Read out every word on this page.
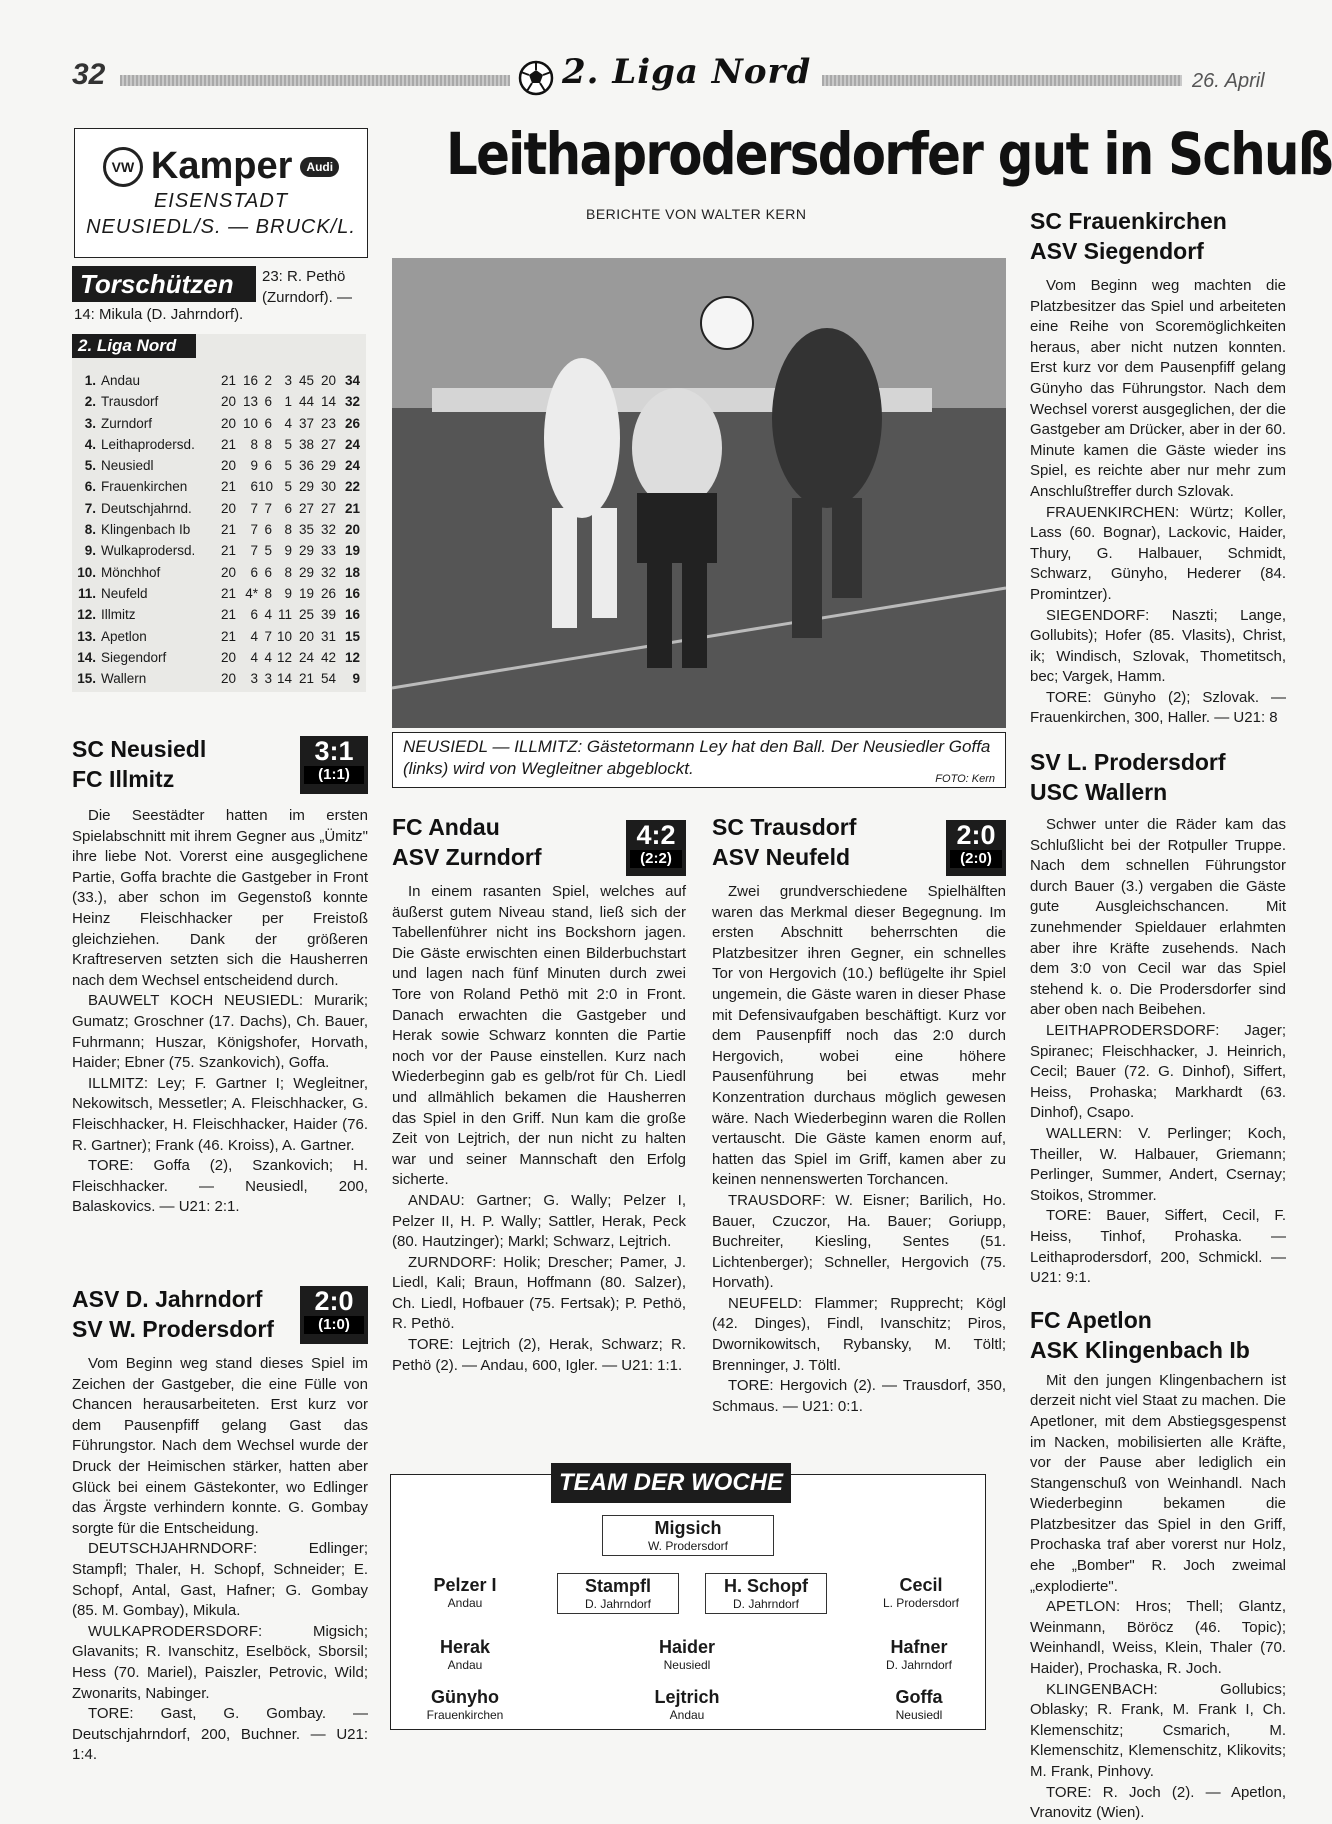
32	2. Liga Nord	26. April
VW Kamper	Audi
EISENSTADT
NEUSIEDL/S. — BRUCK/L.
Torschützen	23: R. Pethö (Zurndorf). —
14: Mikula (D. Jahrndorf).
2. Liga Nord
1. Andau	21 16 2 3 45 20 34
2. Trausdorf	20 13 6 1 44 14 32
3. Zurndorf	20 10 6 4 37 23 26
4. Leithaprodersd.	21	8 8 5 38 27 24
5. Neusiedl	20	9 6 5 36 29 24
6. Frauenkirchen	21	6 10 5 29 30 22
7. Deutschjahrnd.	20	7 7 6 27 27 21
8. Klingenbach Ib	21	7 6 8 35 32 20
9. Wulkaprodersd.	21	7 5 9 29 33 19
10. Mönchhof	20	6 6 8 29 32 18
11. Neufeld	21 4* 8 9 19 26 16
12. Illmitz	21	6 4 11 25 39 16
13. Apetlon	21	4 7 10 20 31 15
14. Siegendorf	20	4 4 12 24 42 12
15. Wallern	20	3 3 14 21 54	9
Leithaprodersdorfer gut in Schuß
BERICHTE VON WALTER KERN
NEUSIEDL — ILLMITZ: Gästetormann Ley hat den Ball. Der Neusiedler Goffa (links) wird von Wegleitner abgeblockt.
FOTO: Kern
SC Neusiedl
FC Illmitz
3:1
(1:1)

Die Seestädter hatten im ersten Spielabschnitt mit ihrem Gegner aus „Ümitz" ihre liebe Not. Vorerst eine ausgeglichene Partie, Goffa brachte die Gastgeber in Front (33.), aber schon im Gegenstoß konnte Heinz Fleischhacker per Freistoß gleichziehen. Dank der größeren Kraftreserven setzten sich die Hausherren nach dem Wechsel entscheidend durch.

BAUWELT KOCH NEUSIEDL: Murarik; Gumatz; Groschner (17. Dachs), Ch. Bauer, Fuhrmann; Huszar, Königshofer, Horvath, Haider; Ebner (75. Szankovich), Goffa.

ILLMITZ: Ley; F. Gartner I; Wegleitner, Nekowitsch, Messetler; A. Fleischhacker, G. Fleischhacker, H. Fleischhacker, Haider (76. R. Gartner); Frank (46. Kroiss), A. Gartner.

TORE: Goffa (2), Szankovich; H. Fleischhacker. — Neusiedl, 200, Balaskovics. — U21: 2:1.

ASV D. Jahrndorf
SV W. Prodersdorf
2:0
(1:0)

Vom Beginn weg stand dieses Spiel im Zeichen der Gastgeber, die eine Fülle von Chancen herausarbeiteten. Erst kurz vor dem Pausenpfiff gelang Gast das Führungstor. Nach dem Wechsel wurde der Druck der Heimischen stärker, hatten aber Glück bei einem Gästekonter, wo Edlinger das Ärgste verhindern konnte. G. Gombay sorgte für die Entscheidung.

DEUTSCHJAHRNDORF: Edlinger; Stampfl; Thaler, H. Schopf, Schneider; E. Schopf, Antal, Gast, Hafner; G. Gombay (85. M. Gombay), Mikula.

WULKAPRODERSDORF: Migsich; Glavanits; R. Ivanschitz, Eselböck, Sborsil; Hess (70. Mariel), Paiszler, Petrovic, Wild; Zwonarits, Nabinger.

TORE: Gast, G. Gombay. — Deutschjahrndorf, 200, Buchner. — U21: 1:4.

FC Andau
ASV Zurndorf
4:2
(2:2)

In einem rasanten Spiel, welches auf äußerst gutem Niveau stand, ließ sich der Tabellenführer nicht ins Bockshorn jagen. Die Gäste erwischten einen Bilderbuchstart und lagen nach fünf Minuten durch zwei Tore von Roland Pethö mit 2:0 in Front. Danach erwachten die Gastgeber und Herak sowie Schwarz konnten die Partie noch vor der Pause einstellen. Kurz nach Wiederbeginn gab es gelb/rot für Ch. Liedl und allmählich bekamen die Hausherren das Spiel in den Griff. Nun kam die große Zeit von Lejtrich, der nun nicht zu halten war und seiner Mannschaft den Erfolg sicherte.

ANDAU: Gartner; G. Wally; Pelzer I, Pelzer II, H. P. Wally; Sattler, Herak, Peck (80. Hautzinger); Markl; Schwarz, Lejtrich.

ZURNDORF: Holik; Drescher; Pamer, J. Liedl, Kali; Braun, Hoffmann (80. Salzer), Ch. Liedl, Hofbauer (75. Fertsak); P. Pethö, R. Pethö.

TORE: Lejtrich (2), Herak, Schwarz; R. Pethö (2). — Andau, 600, Igler. — U21: 1:1.

SC Trausdorf
ASV Neufeld
2:0
(2:0)

Zwei grundverschiedene Spielhälften waren das Merkmal dieser Begegnung. Im ersten Abschnitt beherrschten die Platzbesitzer ihren Gegner, ein schnelles Tor von Hergovich (10.) beflügelte ihr Spiel ungemein, die Gäste waren in dieser Phase mit Defensivaufgaben beschäftigt. Kurz vor dem Pausenpfiff noch das 2:0 durch Hergovich, wobei eine höhere Pausenführung bei etwas mehr Konzentration durchaus möglich gewesen wäre. Nach Wiederbeginn waren die Rollen vertauscht. Die Gäste kamen enorm auf, hatten das Spiel im Griff, kamen aber zu keinen nennenswerten Torchancen.

TRAUSDORF: W. Eisner; Barilich, Ho. Bauer, Czuczor, Ha. Bauer; Goriupp, Buchreiter, Kiesling, Sentes (51. Lichtenberger); Schneller, Hergovich (75. Horvath).

NEUFELD: Flammer; Rupprecht; Kögl (42. Dinges), Findl, Ivanschitz; Piros, Dwornikowitsch, Rybansky, M. Töltl; Brenninger, J. Töltl.

TORE: Hergovich (2). — Trausdorf, 350, Schmaus. — U21: 0:1.

TEAM DER WOCHE
Migsich
W. Prodersdorf
Pelzer I
Andau
Stampfl
D. Jahrndorf
H. Schopf
D. Jahrndorf
Cecil
L. Prodersdorf
Herak
Andau
Haider
Neusiedl
Hafner
D. Jahrndorf
Günyho
Frauenkirchen
Lejtrich
Andau
Goffa
Neusiedl
SC Frauenkirchen
ASV Siegendorf

Vom Beginn weg machten die Platzbesitzer das Spiel und arbeiteten eine Reihe von Scoremöglichkeiten heraus, aber nicht nutzen konnten. Erst kurz vor dem Pausenpfiff gelang Günyho das Führungstor. Nach dem Wechsel vorerst ausgeglichen, der die Gastgeber am Drücker, aber in der 60. Minute kamen die Gäste wieder ins Spiel, es reichte aber nur mehr zum Anschlußtreffer durch Szlovak.

FRAUENKIRCHEN: Würtz; Koller, Lass (60. Bognar), Lackovic, Haider, Thury, G. Halbauer, Schmidt, Schwarz, Günyho, Hederer (84. Promintzer).

SIEGENDORF: Naszti; Lange, Gollubits); Hofer (85. Vlasits), Christ, ik; Windisch, Szlovak, Thometitsch, bec; Vargek, Hamm.

TORE: Günyho (2); Szlovak. — Frauenkirchen, 300, Haller. — U21: 8

SV L. Prodersdorf
USC Wallern

Schwer unter die Räder kam das Schlußlicht bei der Rotpuller Truppe. Nach dem schnellen Führungstor durch Bauer (3.) vergaben die Gäste gute Ausgleichschancen. Mit zunehmender Spieldauer erlahmten aber ihre Kräfte zusehends. Nach dem 3:0 von Cecil war das Spiel stehend k. o. Die Prodersdorfer sind aber oben nach Beibehen.

LEITHAPRODERSDORF: Jager; Spiranec; Fleischhacker, J. Heinrich, Cecil; Bauer (72. G. Dinhof), Siffert, Heiss, Prohaska; Markhardt (63. Dinhof), Csapo.

WALLERN: V. Perlinger; Koch, Theiller, W. Halbauer, Griemann; Perlinger, Summer, Andert, Csernay; Stoikos, Strommer.

TORE: Bauer, Siffert, Cecil, F. Heiss, Tinhof, Prohaska. — Leithaprodersdorf, 200, Schmickl. — U21: 9:1.

FC Apetlon
ASK Klingenbach Ib

Mit den jungen Klingenbachern ist derzeit nicht viel Staat zu machen. Die Apetloner, mit dem Abstiegsgespenst im Nacken, mobilisierten alle Kräfte, vor der Pause aber lediglich ein Stangenschuß von Weinhandl. Nach Wiederbeginn bekamen die Platzbesitzer das Spiel in den Griff, Prochaska traf aber vorerst nur Holz, ehe „Bomber" R. Joch zweimal „explodierte".

APETLON: Hros; Thell; Glantz, Weinmann, Böröcz (46. Topic); Weinhandl, Weiss, Klein, Thaler (70. Haider), Prochaska, R. Joch.

KLINGENBACH: Gollubics; Oblasky; R. Frank, M. Frank I, Ch. Klemenschitz; Csmarich, M. Klemenschitz, Klemenschitz, Klikovits; M. Frank, Pinhovy.

TORE: R. Joch (2). — Apetlon, Vranovitz (Wien).
